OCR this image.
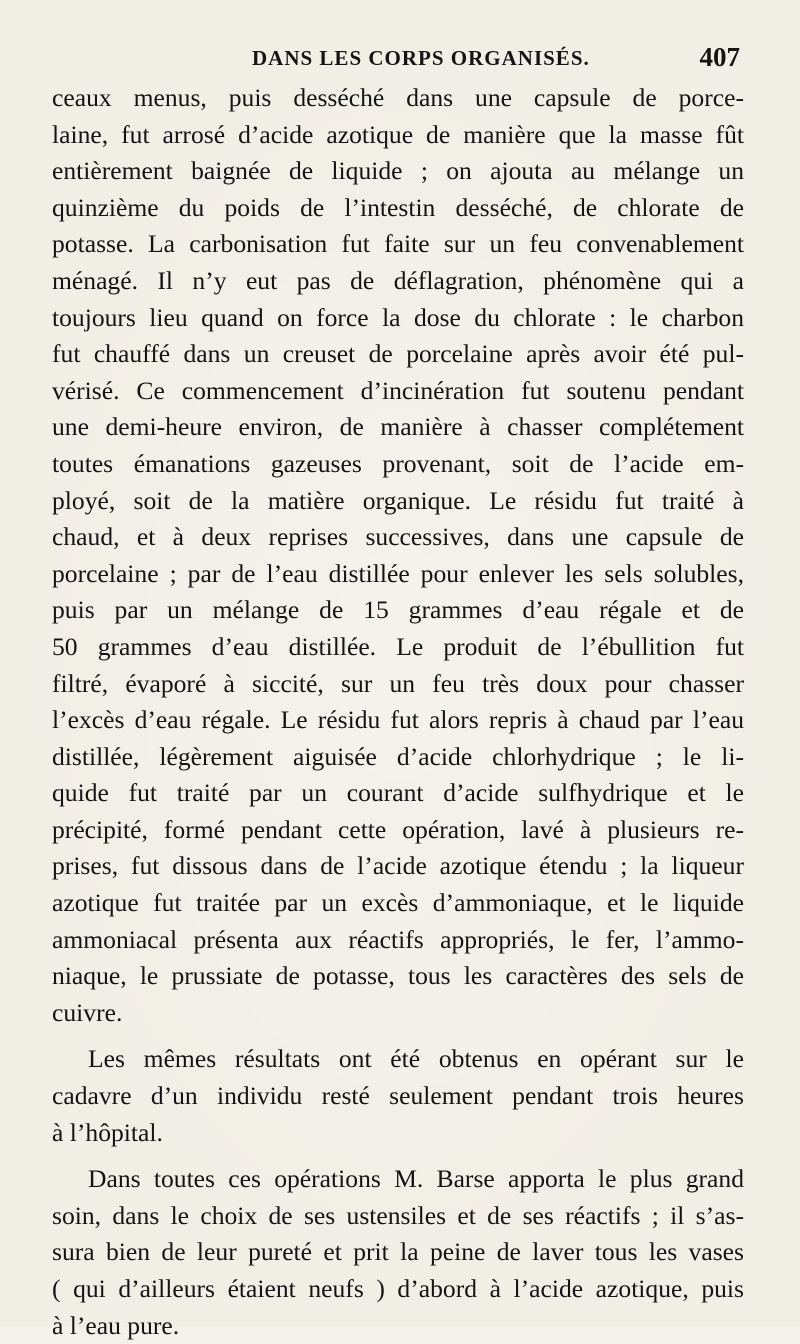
DANS LES CORPS ORGANISÉS.	407
ceaux menus, puis desséché dans une capsule de porce-
laine, fut arrosé d’acide azotique de manière que la masse fût
entièrement baignée de liquide ; on ajouta au mélange un
quinzième du poids de l’intestin desséché, de chlorate de
potasse. La carbonisation fut faite sur un feu convenablement
ménagé. Il n’y eut pas de déflagration, phénomène qui a
toujours lieu quand on force la dose du chlorate : le charbon
fut chauffé dans un creuset de porcelaine après avoir été pul-
vérisé. Ce commencement d’incinération fut soutenu pendant
une demi-heure environ, de manière à chasser complétement
toutes émanations gazeuses provenant, soit de l’acide em-
ployé, soit de la matière organique. Le résidu fut traité à
chaud, et à deux reprises successives, dans une capsule de
porcelaine ; par de l’eau distillée pour enlever les sels solubles,
puis par un mélange de 15 grammes d’eau régale et de
50 grammes d’eau distillée. Le produit de l’ébullition fut
filtré, évaporé à siccité, sur un feu très doux pour chasser
l’excès d’eau régale. Le résidu fut alors repris à chaud par l’eau
distillée, légèrement aiguisée d’acide chlorhydrique ; le li-
quide fut traité par un courant d’acide sulfhydrique et le
précipité, formé pendant cette opération, lavé à plusieurs re-
prises, fut dissous dans de l’acide azotique étendu ; la liqueur
azotique fut traitée par un excès d’ammoniaque, et le liquide
ammoniacal présenta aux réactifs appropriés, le fer, l’ammo-
niaque, le prussiate de potasse, tous les caractères des sels de
cuivre.
Les mêmes résultats ont été obtenus en opérant sur le
cadavre d’un individu resté seulement pendant trois heures
à l’hôpital.
Dans toutes ces opérations M. Barse apporta le plus grand
soin, dans le choix de ses ustensiles et de ses réactifs ; il s’as-
sura bien de leur pureté et prit la peine de laver tous les vases
( qui d’ailleurs étaient neufs ) d’abord à l’acide azotique, puis
à l’eau pure.
